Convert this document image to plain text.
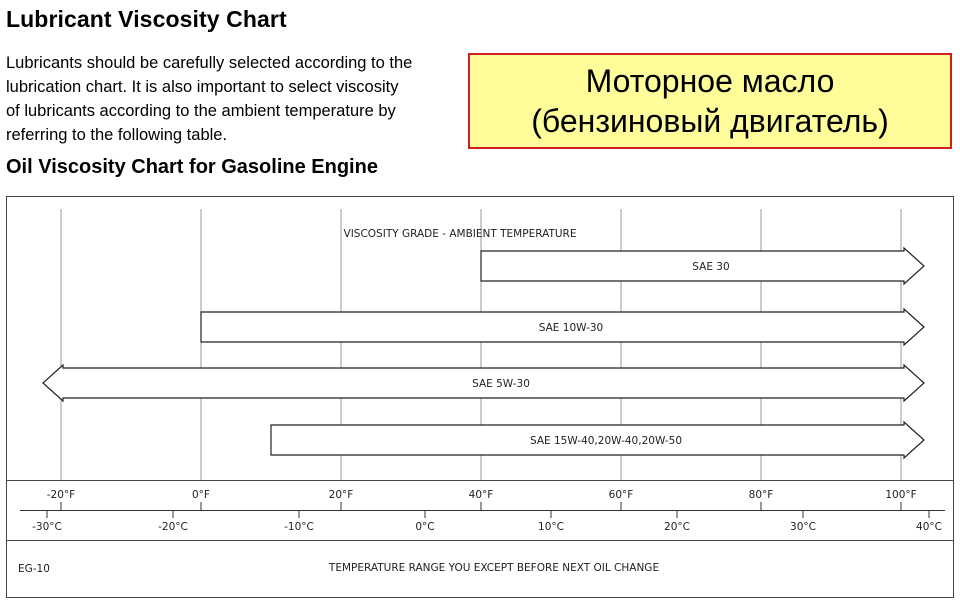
Lubricant Viscosity Chart
Lubricants should be carefully selected according to the
lubrication chart. It is also important to select viscosity
of lubricants according to the ambient temperature by
referring to the following table.
Моторное масло
(бензиновый двигатель)
Oil Viscosity Chart for Gasoline Engine
VISCOSITY GRADE - AMBIENT TEMPERATURE
SAE 30
SAE 10W-30
SAE 5W-30
SAE 15W-40,20W-40,20W-50
-20°F	0°F	20°F	40°F	60°F	80°F	100°F
-30°C	-20°C	-10°C	0°C	10°C	20°C	30°C	40°C
EG-10	TEMPERATURE RANGE YOU EXCEPT BEFORE NEXT OIL CHANGE
